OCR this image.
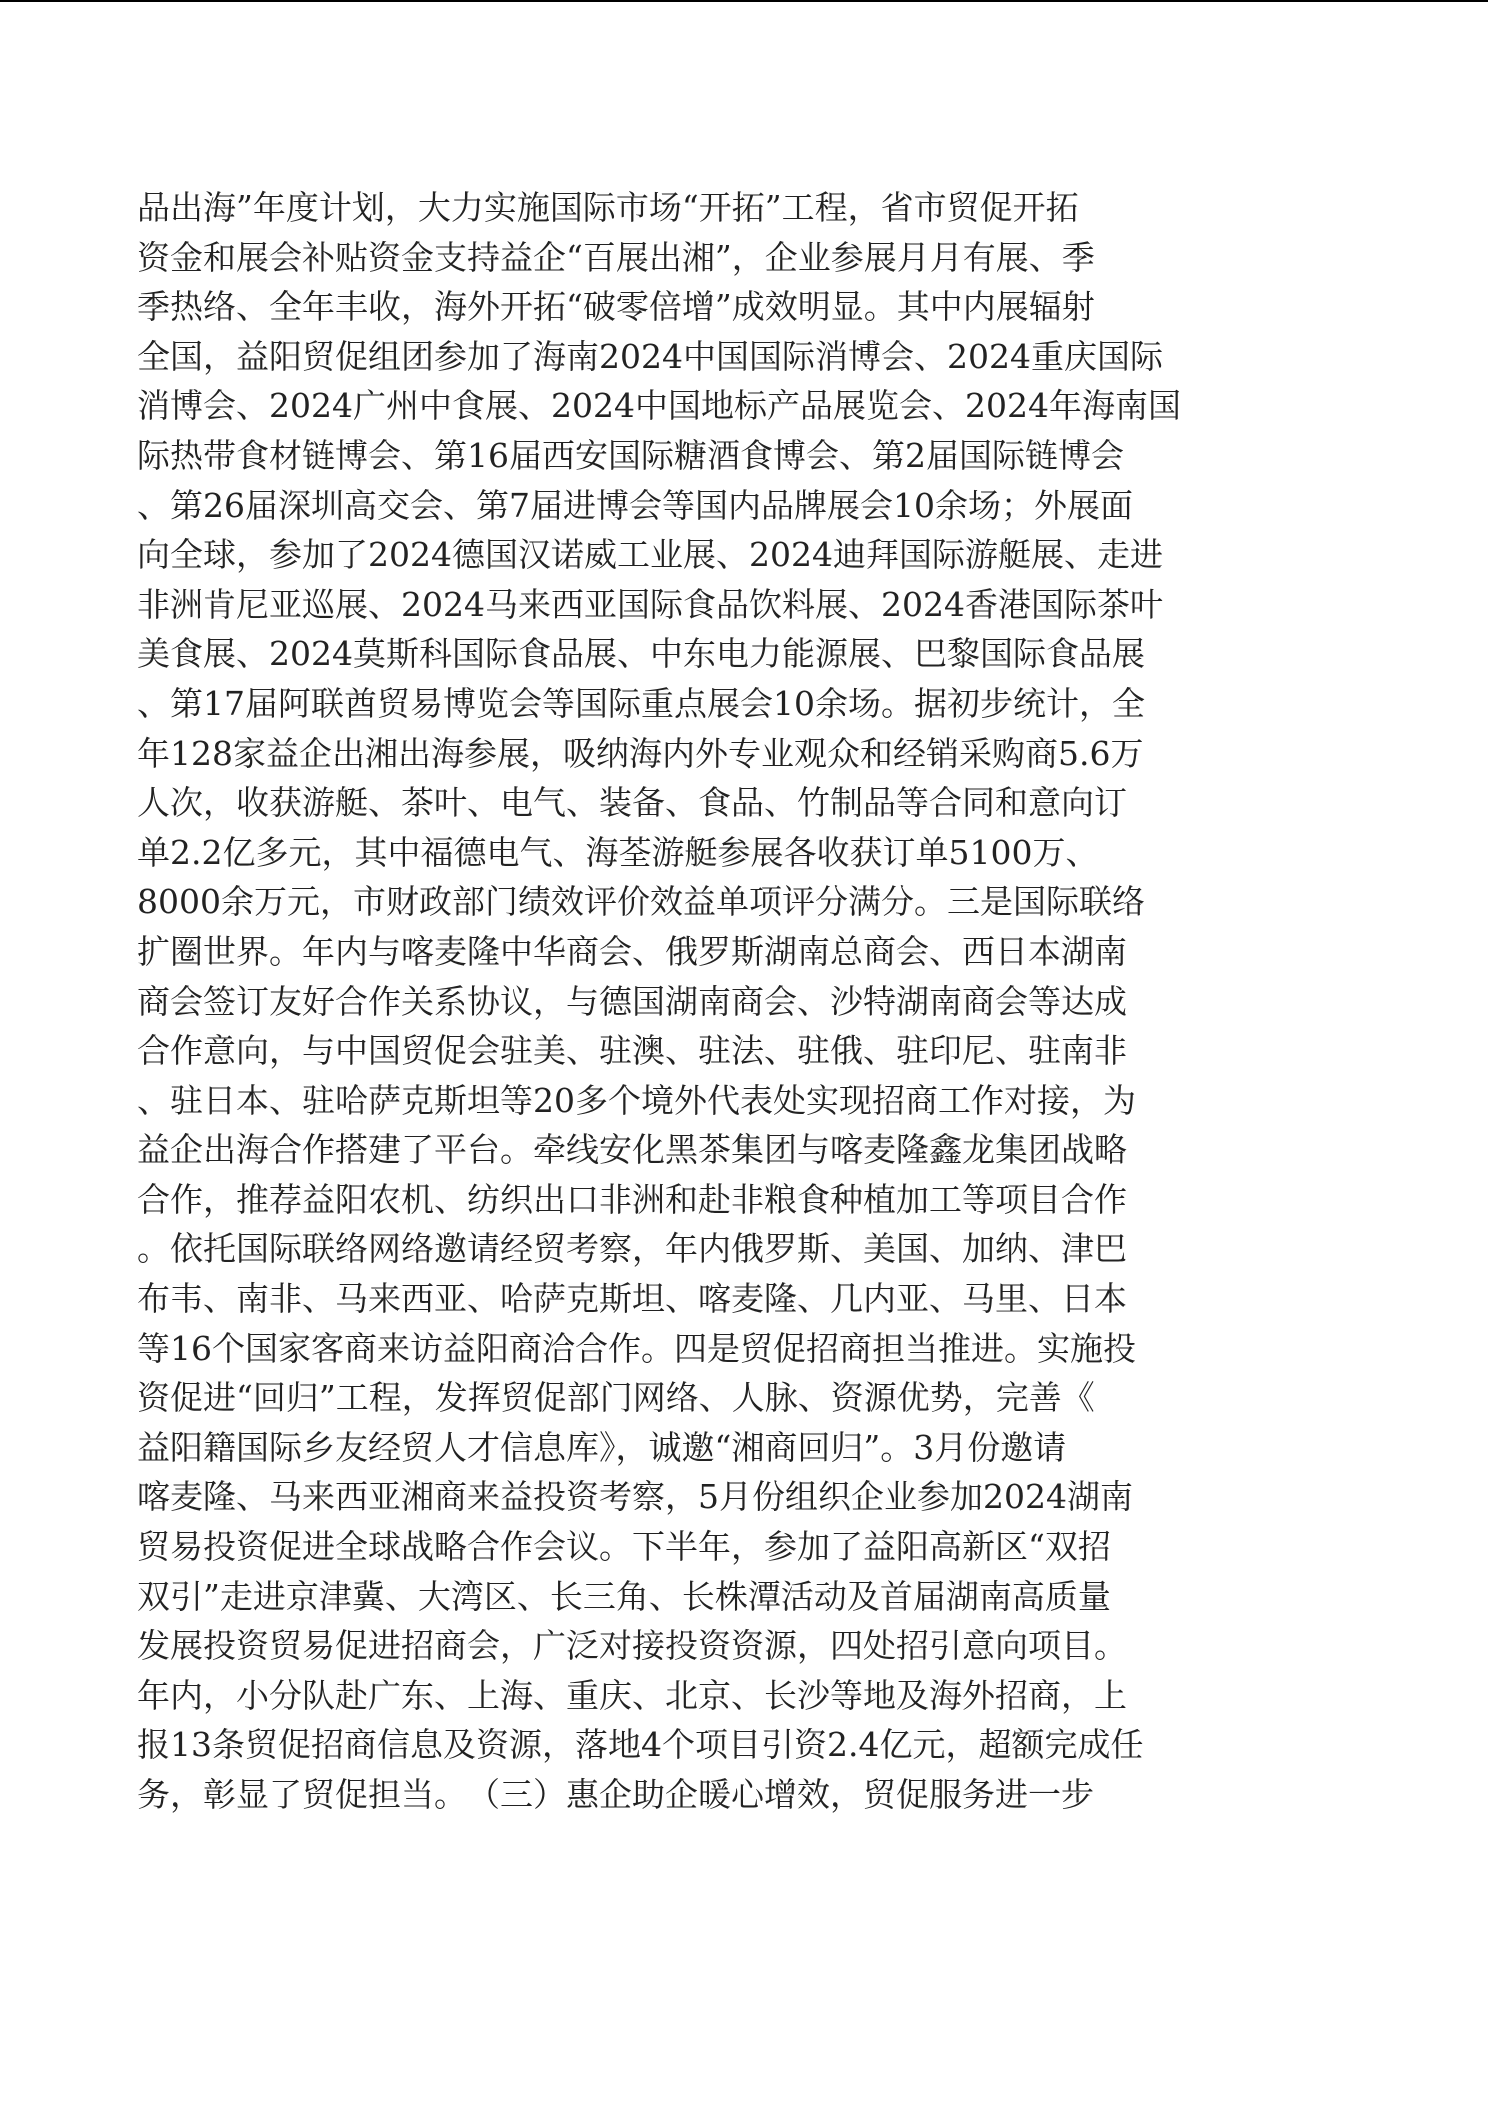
品出海”年度计划，大力实施国际市场“开拓”工程，省市贸促开拓
资金和展会补贴资金支持益企“百展出湘”，企业参展月月有展、季
季热络、全年丰收，海外开拓“破零倍增”成效明显。其中内展辐射
全国，益阳贸促组团参加了海南2024中国国际消博会、2024重庆国际
消博会、2024广州中食展、2024中国地标产品展览会、2024年海南国
际热带食材链博会、第16届西安国际糖酒食博会、第2届国际链博会
、第26届深圳高交会、第7届进博会等国内品牌展会10余场；外展面
向全球，参加了2024德国汉诺威工业展、2024迪拜国际游艇展、走进
非洲肯尼亚巡展、2024马来西亚国际食品饮料展、2024香港国际茶叶
美食展、2024莫斯科国际食品展、中东电力能源展、巴黎国际食品展
、第17届阿联酋贸易博览会等国际重点展会10余场。据初步统计，全
年128家益企出湘出海参展，吸纳海内外专业观众和经销采购商5.6万
人次，收获游艇、茶叶、电气、装备、食品、竹制品等合同和意向订
单2.2亿多元，其中福德电气、海荃游艇参展各收获订单5100万、
8000余万元，市财政部门绩效评价效益单项评分满分。三是国际联络
扩圈世界。年内与喀麦隆中华商会、俄罗斯湖南总商会、西日本湖南
商会签订友好合作关系协议，与德国湖南商会、沙特湖南商会等达成
合作意向，与中国贸促会驻美、驻澳、驻法、驻俄、驻印尼、驻南非
、驻日本、驻哈萨克斯坦等20多个境外代表处实现招商工作对接，为
益企出海合作搭建了平台。牵线安化黑茶集团与喀麦隆鑫龙集团战略
合作，推荐益阳农机、纺织出口非洲和赴非粮食种植加工等项目合作
。依托国际联络网络邀请经贸考察，年内俄罗斯、美国、加纳、津巴
布韦、南非、马来西亚、哈萨克斯坦、喀麦隆、几内亚、马里、日本
等16个国家客商来访益阳商洽合作。四是贸促招商担当推进。实施投
资促进“回归”工程，发挥贸促部门网络、人脉、资源优势，完善《
益阳籍国际乡友经贸人才信息库》，诚邀“湘商回归”。3月份邀请
喀麦隆、马来西亚湘商来益投资考察，5月份组织企业参加2024湖南
贸易投资促进全球战略合作会议。下半年，参加了益阳高新区“双招
双引”走进京津冀、大湾区、长三角、长株潭活动及首届湖南高质量
发展投资贸易促进招商会，广泛对接投资资源，四处招引意向项目。
年内，小分队赴广东、上海、重庆、北京、长沙等地及海外招商，上
报13条贸促招商信息及资源，落地4个项目引资2.4亿元，超额完成任
务，彰显了贸促担当。　（三）惠企助企暖心增效，贸促服务进一步
